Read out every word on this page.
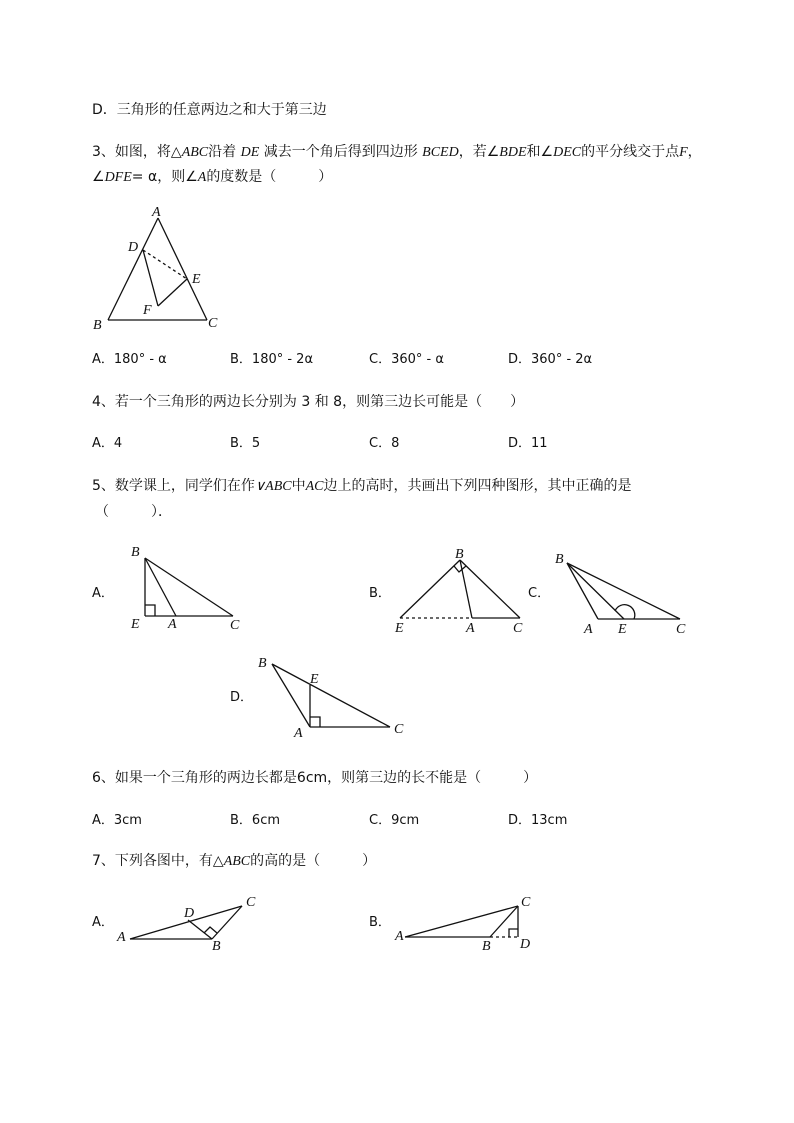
D．三角形的任意两边之和大于第三边
3、如图，将△ABC沿着 DE 减去一个角后得到四边形 BCED，若∠BDE和∠DEC的平分线交于点F，
∠DFE= α，则∠A的度数是（　　　）
A
D
E
F
B	C
B
E A	C
B
E	A	C
B
A E	C
B
E
A	C
A
D
B
C
A
B
C
D
A．180° - α	B．180° - 2α	C．360° - α	D．360° - 2α
4、若一个三角形的两边长分别为 3 和 8，则第三边长可能是（　　）
A．4	B．5	C．8	D．11
5、数学课上，同学们在作∨ABC中AC边上的高时，共画出下列四种图形，其中正确的是
（　　　）．
A．	B．	C．
D．
6、如果一个三角形的两边长都是6cm，则第三边的长不能是（　　　）
A．3cm	B．6cm	C．9cm	D．13cm
7、下列各图中，有△ABC的高的是（　　　）
A．	B．
